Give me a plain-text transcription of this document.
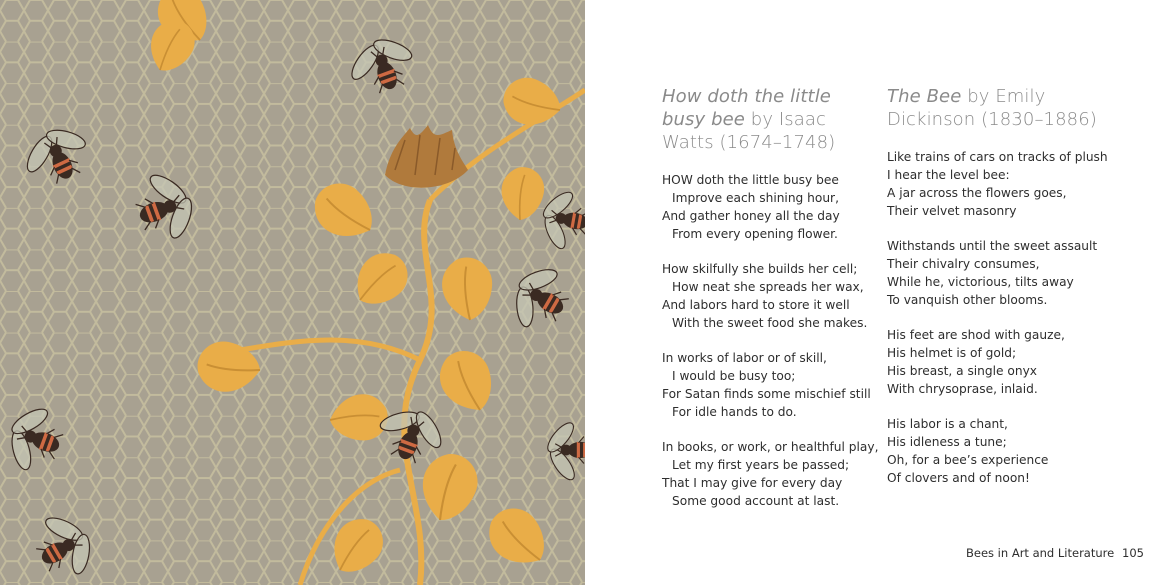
How doth the little busy bee by Isaac Watts (1674–1748)
HOW doth the little busy bee
Improve each shining hour,
And gather honey all the day
From every opening flower.
How skilfully she builds her cell;
How neat she spreads her wax,
And labors hard to store it well
With the sweet food she makes.
In works of labor or of skill,
I would be busy too;
For Satan finds some mischief still
For idle hands to do.
In books, or work, or healthful play,
Let my first years be passed;
That I may give for every day
Some good account at last.
The Bee by Emily Dickinson (1830–1886)
Like trains of cars on tracks of plush
I hear the level bee:
A jar across the flowers goes,
Their velvet masonry
Withstands until the sweet assault
Their chivalry consumes,
While he, victorious, tilts away
To vanquish other blooms.
His feet are shod with gauze,
His helmet is of gold;
His breast, a single onyx
With chrysoprase, inlaid.
His labor is a chant,
His idleness a tune;
Oh, for a bee’s experience
Of clovers and of noon!
Bees in Art and Literature 105
